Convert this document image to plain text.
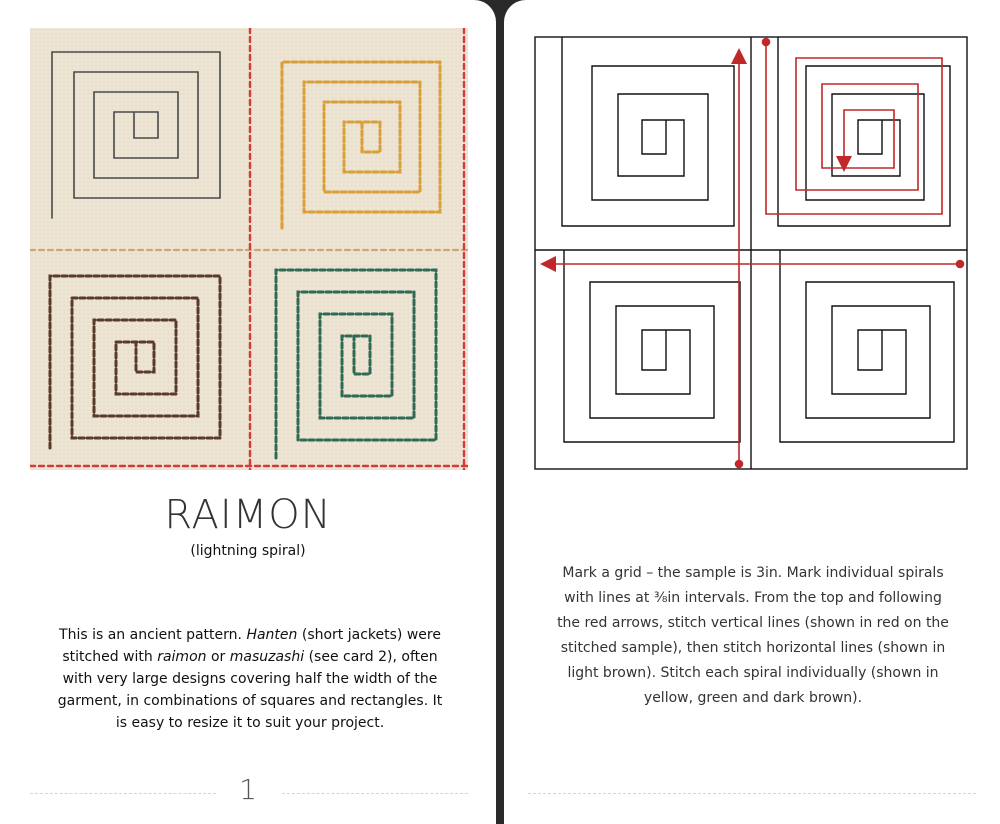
RAIMON
(lightning spiral)
This is an ancient pattern. Hanten (short jackets) were stitched with raimon or masuzashi (see card 2), often with very large designs covering half the width of the garment, in combinations of squares and rectangles. It is easy to resize it to suit your project.
1
Mark a grid – the sample is 3in. Mark individual spirals with lines at ⅜in intervals. From the top and following the red arrows, stitch vertical lines (shown in red on the stitched sample), then stitch horizontal lines (shown in light brown). Stitch each spiral individually (shown in yellow, green and dark brown).
